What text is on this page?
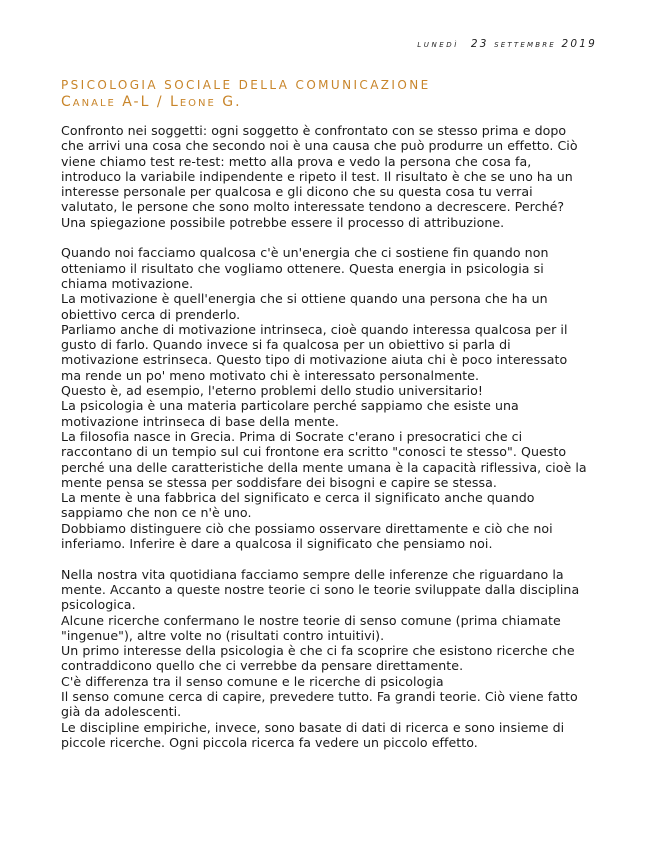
lunedì 23 settembre 2019
PSICOLOGIA SOCIALE DELLA COMUNICAZIONE
Canale A-L / Leone G.
Confronto nei soggetti: ogni soggetto è confrontato con se stesso prima e dopo
che arrivi una cosa che secondo noi è una causa che può produrre un effetto. Ciò
viene chiamo test re-test: metto alla prova e vedo la persona che cosa fa,
introduco la variabile indipendente e ripeto il test. Il risultato è che se uno ha un
interesse personale per qualcosa e gli dicono che su questa cosa tu verrai
valutato, le persone che sono molto interessate tendono a decrescere. Perché?
Una spiegazione possibile potrebbe essere il processo di attribuzione.
Quando noi facciamo qualcosa c'è un'energia che ci sostiene fin quando non
otteniamo il risultato che vogliamo ottenere. Questa energia in psicologia si
chiama motivazione.
La motivazione è quell'energia che si ottiene quando una persona che ha un
obiettivo cerca di prenderlo.
Parliamo anche di motivazione intrinseca, cioè quando interessa qualcosa per il
gusto di farlo. Quando invece si fa qualcosa per un obiettivo si parla di
motivazione estrinseca. Questo tipo di motivazione aiuta chi è poco interessato
ma rende un po' meno motivato chi è interessato personalmente.
Questo è, ad esempio, l'eterno problemi dello studio universitario!
La psicologia è una materia particolare perché sappiamo che esiste una
motivazione intrinseca di base della mente.
La filosofia nasce in Grecia. Prima di Socrate c'erano i presocratici che ci
raccontano di un tempio sul cui frontone era scritto "conosci te stesso". Questo
perché una delle caratteristiche della mente umana è la capacità riflessiva, cioè la
mente pensa se stessa per soddisfare dei bisogni e capire se stessa.
La mente è una fabbrica del significato e cerca il significato anche quando
sappiamo che non ce n'è uno.
Dobbiamo distinguere ciò che possiamo osservare direttamente e ciò che noi
inferiamo. Inferire è dare a qualcosa il significato che pensiamo noi.
Nella nostra vita quotidiana facciamo sempre delle inferenze che riguardano la
mente. Accanto a queste nostre teorie ci sono le teorie sviluppate dalla disciplina
psicologica.
Alcune ricerche confermano le nostre teorie di senso comune (prima chiamate
"ingenue"), altre volte no (risultati contro intuitivi).
Un primo interesse della psicologia è che ci fa scoprire che esistono ricerche che
contraddicono quello che ci verrebbe da pensare direttamente.
C'è differenza tra il senso comune e le ricerche di psicologia
Il senso comune cerca di capire, prevedere tutto. Fa grandi teorie. Ciò viene fatto
già da adolescenti.
Le discipline empiriche, invece, sono basate di dati di ricerca e sono insieme di
piccole ricerche. Ogni piccola ricerca fa vedere un piccolo effetto.
